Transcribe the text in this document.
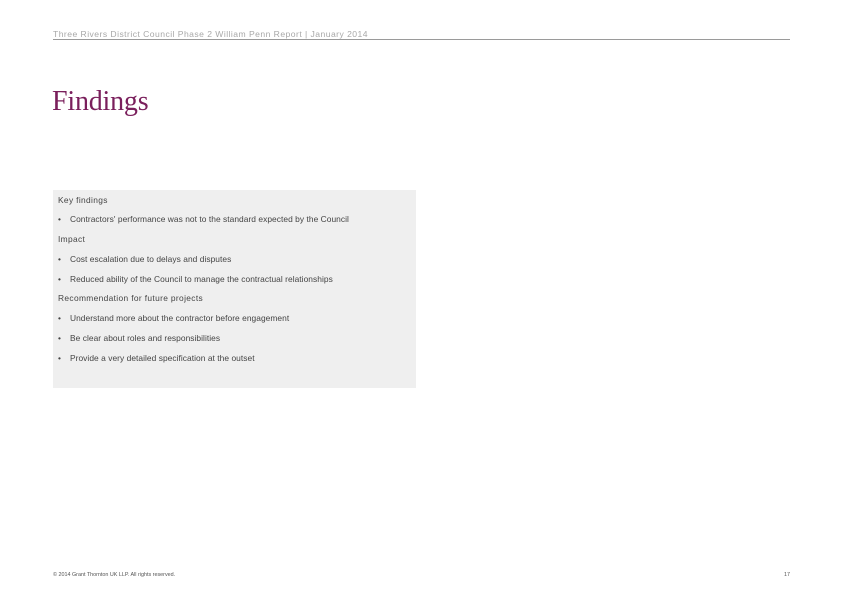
Three Rivers District Council Phase 2 William Penn Report | January 2014
Findings
Key findings
• Contractors' performance was not to the standard expected by the Council
Impact
• Cost escalation due to delays and disputes
• Reduced ability of the Council to manage the contractual relationships
Recommendation for future projects
• Understand more about the contractor before engagement
• Be clear about roles and responsibilities
• Provide a very detailed specification at the outset
© 2014 Grant Thornton UK LLP. All rights reserved.	17
